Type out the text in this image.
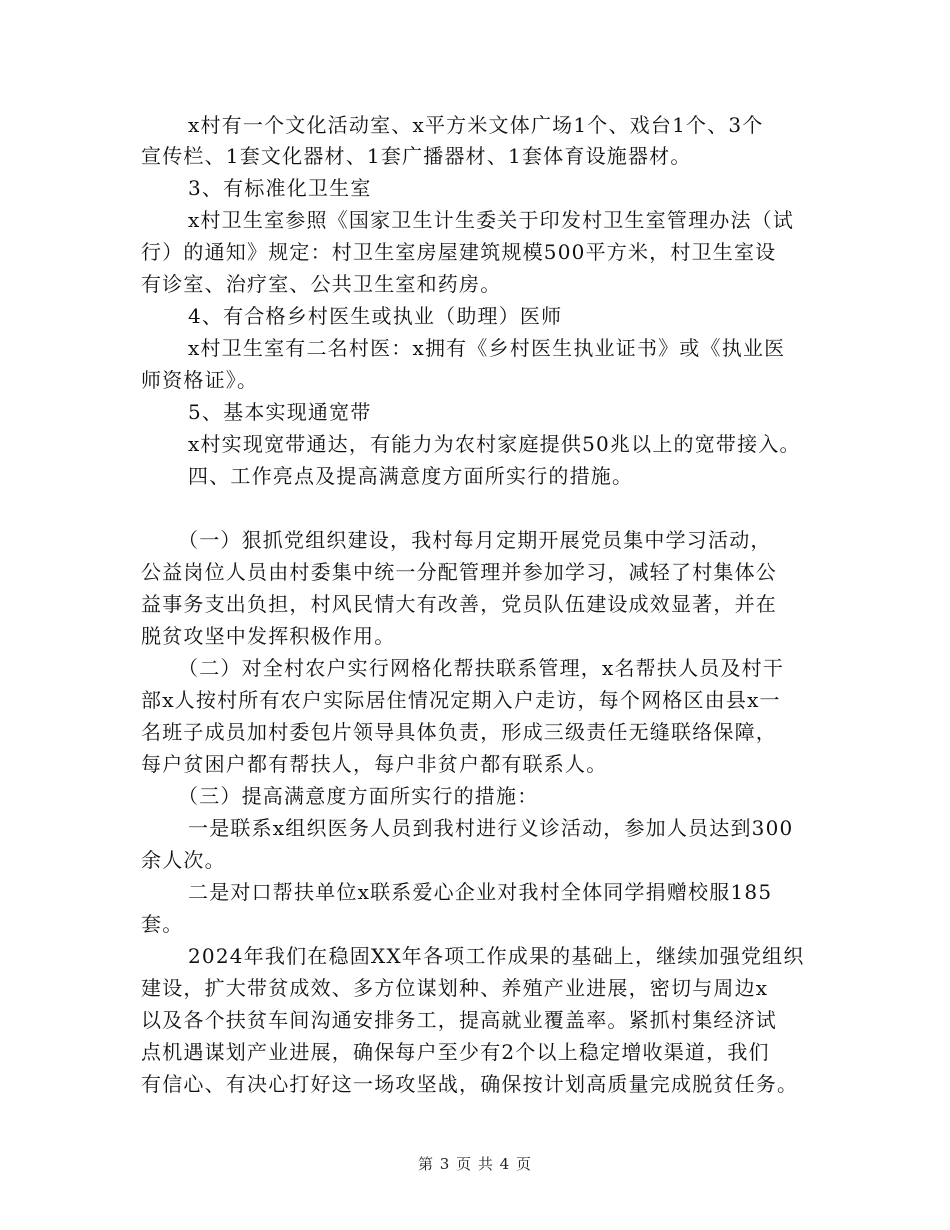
x村有一个文化活动室、x平方米文体广场1个、戏台1个、3个
宣传栏、1套文化器材、1套广播器材、1套体育设施器材。
3、有标准化卫生室
x村卫生室参照《国家卫生计生委关于印发村卫生室管理办法（试
行）的通知》规定：村卫生室房屋建筑规模500平方米，村卫生室设
有诊室、治疗室、公共卫生室和药房。
4、有合格乡村医生或执业（助理）医师
x村卫生室有二名村医：x拥有《乡村医生执业证书》或《执业医
师资格证》。
5、基本实现通宽带
x村实现宽带通达，有能力为农村家庭提供50兆以上的宽带接入。
四、工作亮点及提高满意度方面所实行的措施。
（一）狠抓党组织建设，我村每月定期开展党员集中学习活动，
公益岗位人员由村委集中统一分配管理并参加学习，减轻了村集体公
益事务支出负担，村风民情大有改善，党员队伍建设成效显著，并在
脱贫攻坚中发挥积极作用。
（二）对全村农户实行网格化帮扶联系管理，x名帮扶人员及村干
部x人按村所有农户实际居住情况定期入户走访，每个网格区由县x一
名班子成员加村委包片领导具体负责，形成三级责任无缝联络保障，
每户贫困户都有帮扶人，每户非贫户都有联系人。
（三）提高满意度方面所实行的措施：
一是联系x组织医务人员到我村进行义诊活动，参加人员达到300
余人次。
二是对口帮扶单位x联系爱心企业对我村全体同学捐赠校服185
套。
2024年我们在稳固XX年各项工作成果的基础上，继续加强党组织
建设，扩大带贫成效、多方位谋划种、养殖产业进展，密切与周边x
以及各个扶贫车间沟通安排务工，提高就业覆盖率。紧抓村集经济试
点机遇谋划产业进展，确保每户至少有2个以上稳定增收渠道，我们
有信心、有决心打好这一场攻坚战，确保按计划高质量完成脱贫任务。
第 3 页 共 4 页
